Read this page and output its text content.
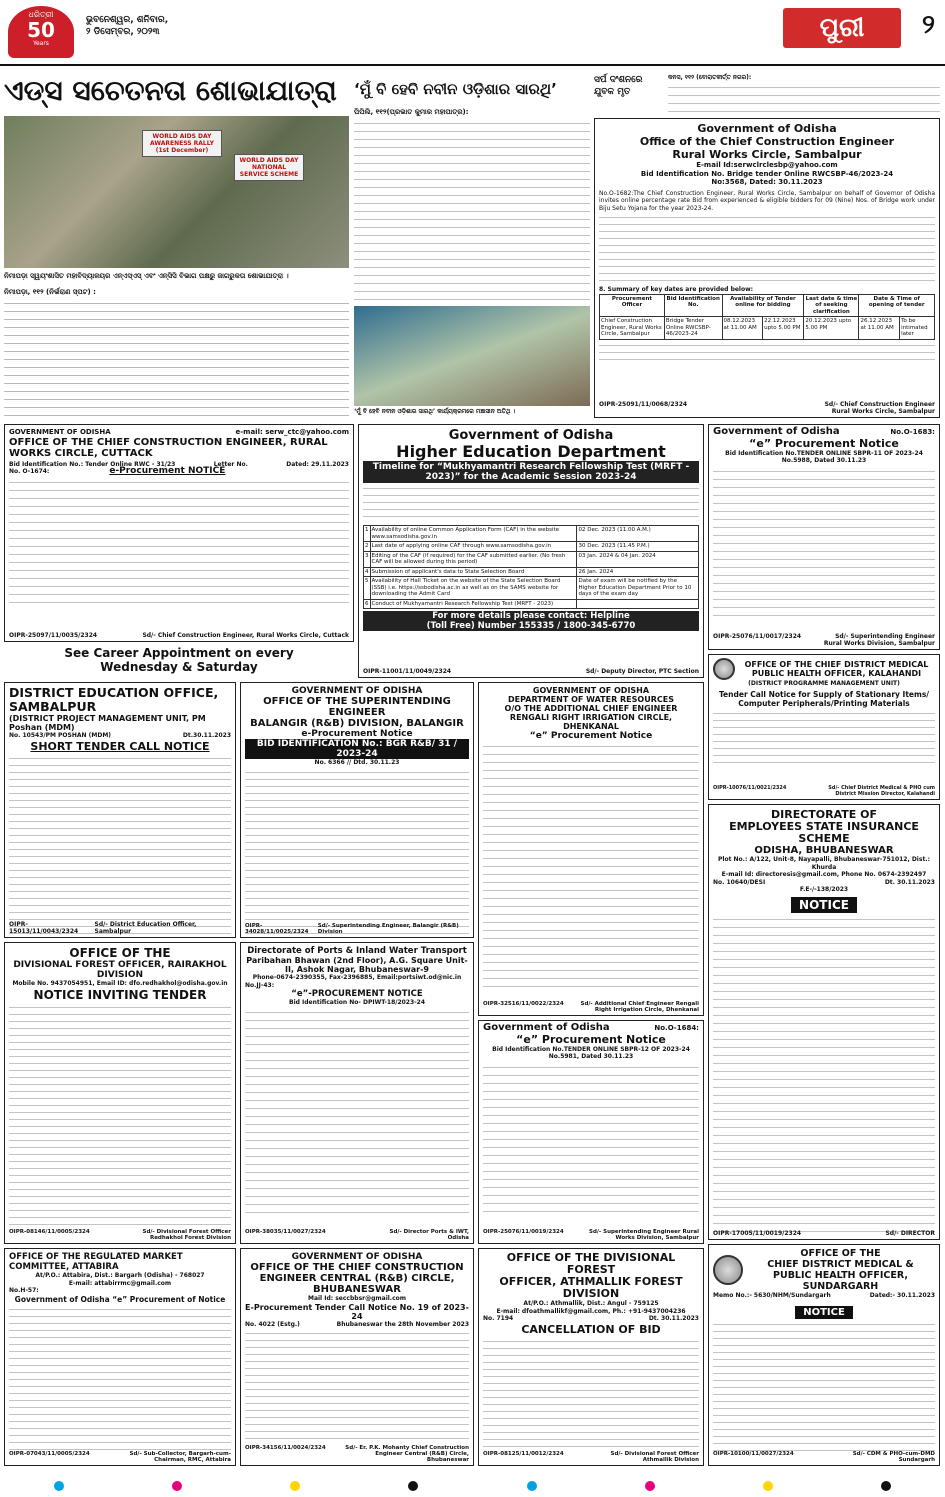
ଧରିତ୍ରୀ
50
Years
ଭୁବନେଶ୍ୱର, ଶନିବାର,
୨ ଡିସେମ୍ବର, ୨୦୨୩	ପୁରୀ	୨
ଏଡ୍ସ ସଚେତନତା ଶୋଭାଯାତ୍ରା
WORLD AIDS DAY AWARENESS RALLY (1st December)
WORLD AIDS DAY NATIONAL SERVICE SCHEME
ନିମାପଡ଼ା ସ୍ୱୟଂଶାସିତ ମହାବିଦ୍ୟାଳୟର ଏନ୍‌ଏସ୍‌ଏସ୍ ଏବଂ ଏନ୍‌ସିସି ବିଭାଗ ପକ୍ଷରୁ ଜାଗରୁକତା ଶୋଭାଯାତ୍ରା ।
ନିମାପଡ଼ା, ୧୧୨ (ନିର୍ଭରାଣ ସ୍ପଟ) :
‘ମୁଁ ବି ହେବି ନବୀନ ଓଡ଼ିଶାର ସାରଥି’
ପିପିଲି, ୧୧୨(ପ୍ରଭାତ କୁମାର ମହାପାତ୍ର):
‘ମୁଁ ବି ହେବି ନବୀନ ଓଡ଼ିଶାର ସାରଥି’ କାର୍ଯ୍ୟକ୍ରମରେ ମଞ୍ଚାସୀନ ଅତିଥି ।
ସର୍ପ ଦଂଶନରେ
ଯୁବକ ମୃତ
କନସ, ୧୧୨ (ବୋରାତକୀର୍ତ୍ତ ନଗର):
Government of Odisha
Office of the Chief Construction Engineer
Rural Works Circle, Sambalpur
E-mail Id:serwclrclesbp@yahoo.com
Bid Identification No. Bridge tender Online RWCSBP-46/2023-24
No:3568, Dated: 30.11.2023
No.O-1682:The Chief Construction Engineer, Rural Works Circle, Sambalpur on behalf of Governor of Odisha invites online percentage rate Bid from experienced & eligible bidders for 09 (Nine) Nos. of Bridge work under Biju Setu Yojana for the year 2023-24.
8. Summary of key dates are provided below:
Procurement Officer	Bid Identification No.	Availability of Tender online for bidding		Last date & time of seeking clarification	Date & Time of opening of tender	
Chief Construction Engineer, Rural Works Circle, Sambalpur	Bridge Tender Online RWCSBP-46/2023-24	08.12.2023 at 11.00 AM	22.12.2023 upto 5.00 PM	20.12.2023 upto 5.00 PM	26.12.2023 at 11.00 AM	To be intimated later
OIPR-25091/11/0068/2324	Sd/- Chief Construction Engineer
Rural Works Circle, Sambalpur
GOVERNMENT OF ODISHA	e-mail: serw_ctc@yahoo.com
OFFICE OF THE CHIEF CONSTRUCTION ENGINEER, RURAL WORKS CIRCLE, CUTTACK
Bid Identification No.: Tender Online RWC - 31/23	Letter No.	Dated: 29.11.2023
No. O-1674:	e-Procurement NOTICE
OIPR-25097/11/0035/2324	Sd/- Chief Construction Engineer, Rural Works Circle, Cuttack
See Career Appointment on every
Wednesday & Saturday
Government of Odisha
Higher Education Department
Timeline for “Mukhyamantri Research Fellowship Test (MRFT - 2023)” for the Academic Session 2023-24
1	Availability of online Common Application Form (CAF) in the website www.samsodisha.gov.in	02 Dec. 2023 (11.00 A.M.)
2	Last date of applying online CAF through www.samsodisha.gov.in	30 Dec. 2023 (11.45 P.M.)
3	Editing of the CAF (if required) for the CAF submitted earlier. (No fresh CAF will be allowed during this period)	03 Jan. 2024 & 04 Jan. 2024
4	Submission of applicant's data to State Selection Board	26 Jan. 2024
5	Availability of Hall Ticket on the website of the State Selection Board (SSB) i.e. https://ssbodisha.ac.in as well as on the SAMS website for downloading the Admit Card	Date of exam will be notified by the Higher Education Department Prior to 10 days of the exam day
6	Conduct of Mukhyamantri Research Fellowship Test (MRFT - 2023)	
For more details please contact: Helpline
(Toll Free) Number 155335 / 1800-345-6770
OIPR-11001/11/0049/2324	Sd/- Deputy Director, PTC Section
Government of Odisha	No.O-1683:
“e” Procurement Notice
Bid Identification No.TENDER ONLINE SBPR-11 OF 2023-24
No.5988, Dated 30.11.23
OIPR-25076/11/0017/2324	Sd/- Superintending Engineer
Rural Works Division, Sambalpur
OFFICE OF THE CHIEF DISTRICT MEDICAL PUBLIC HEALTH OFFICER, KALAHANDI
(DISTRICT PROGRAMME MANAGEMENT UNIT)
Tender Call Notice for Supply of Stationary Items/ Computer Peripherals/Printing Materials
OIPR-10076/11/0021/2324	Sd/- Chief District Medical & PHO cum District Mission Director, Kalahandi
DISTRICT EDUCATION OFFICE, SAMBALPUR
(DISTRICT PROJECT MANAGEMENT UNIT, PM Poshan (MDM)
No. 10543/PM POSHAN (MDM)	Dt.30.11.2023
SHORT TENDER CALL NOTICE
OIPR-15013/11/0043/2324
Sd/- District Education Officer, Sambalpur
GOVERNMENT OF ODISHA
OFFICE OF THE SUPERINTENDING ENGINEER
BALANGIR (R&B) DIVISION, BALANGIR
e-Procurement Notice
BID IDENTIFICATION No.: BGR R&B/ 31 / 2023-24
No. 6366 // Dtd. 30.11.23
OIPR-34028/11/0025/2324
Sd/- Superintending Engineer, Balangir (R&B) Division
GOVERNMENT OF ODISHA
DEPARTMENT OF WATER RESOURCES
O/O THE ADDITIONAL CHIEF ENGINEER
RENGALI RIGHT IRRIGATION CIRCLE, DHENKANAL
“e” Procurement Notice
OIPR-32516/11/0022/2324	Sd/- Additional Chief Engineer Rengali Right Irrigation Circle, Dhenkanal
DIRECTORATE OF
EMPLOYEES STATE INSURANCE SCHEME
ODISHA, BHUBANESWAR
Plot No.: A/122, Unit-8, Nayapalli, Bhubaneswar-751012, Dist.: Khurda
E-mail Id: directoresis@gmail.com, Phone No. 0674-2392497
No. 10640/DESI	Dt. 30.11.2023
F.E-/-138/2023
NOTICE
OIPR-17005/11/0019/2324	Sd/- DIRECTOR
OFFICE OF THE
DIVISIONAL FOREST OFFICER, RAIRAKHOL DIVISION
Mobile No. 9437054951, Email ID: dfo.redhakhol@odisha.gov.in
NOTICE INVITING TENDER
OIPR-08146/11/0005/2324	Sd/- Divisional Forest Officer Redhakhol Forest Division
Directorate of Ports & Inland Water Transport
Paribahan Bhawan (2nd Floor), A.G. Square Unit-II, Ashok Nagar, Bhubaneswar-9
Phone-0674-2390355, Fax-2396885, Email:portsiwt.od@nic.in
No.JJ-43:
“e”-PROCUREMENT NOTICE
Bid Identification No- DPIWT-18/2023-24
OIPR-38035/11/0027/2324	Sd/- Director Ports & IWT, Odisha
Government of Odisha	No.O-1684:
“e” Procurement Notice
Bid Identification No.TENDER ONLINE SBPR-12 OF 2023-24
No.5981, Dated 30.11.23
OIPR-25076/11/0019/2324	Sd/- Superintending Engineer Rural Works Division, Sambalpur
OFFICE OF THE REGULATED MARKET COMMITTEE, ATTABIRA
At/P.O.: Attabira, Dist.: Bargarh (Odisha) - 768027
E-mail: attabirrmc@gmail.com
No.H-57:
Government of Odisha “e” Procurement of Notice
OIPR-07043/11/0005/2324	Sd/- Sub-Collector, Bargarh-cum-Chairman, RMC, Attabira
GOVERNMENT OF ODISHA
OFFICE OF THE CHIEF CONSTRUCTION ENGINEER CENTRAL (R&B) CIRCLE, BHUBANESWAR
Mail Id: seccbbsr@gmail.com
E-Procurement Tender Call Notice No. 19 of 2023-24
No. 4022 (Estg.)	Bhubaneswar the 28th November 2023
OIPR-34156/11/0024/2324	Sd/- Er. P.K. Mohanty Chief Construction Engineer Central (R&B) Circle, Bhubaneswar
OFFICE OF THE DIVISIONAL FOREST
OFFICER, ATHMALLIK FOREST DIVISION
At/P.O.: Athmallik, Dist.: Angul - 759125
E-mail: dfoathmallikf@gmail.com, Ph.: +91-9437004236
No. 7194	Dt. 30.11.2023
CANCELLATION OF BID
OIPR-08125/11/0012/2324	Sd/- Divisional Forest Officer Athmallik Division
OFFICE OF THE
CHIEF DISTRICT MEDICAL &
PUBLIC HEALTH OFFICER, SUNDARGARH
Memo No.:- 5630/NHM/Sundargarh	Dated:- 30.11.2023
NOTICE
OIPR-10100/11/0027/2324	Sd/- CDM & PHO-cum-DMD Sundargarh
